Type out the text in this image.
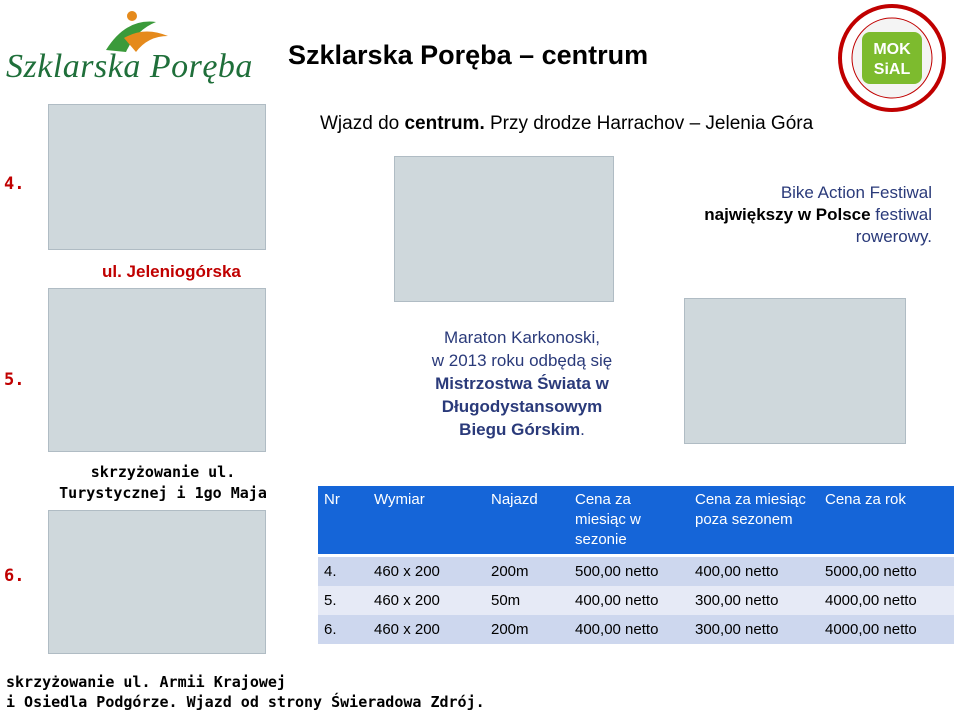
Szklarska Poręba Szklarska Poręba – centrum	MOK
SiAL
Wjazd do centrum. Przy drodze Harrachov – Jelenia Góra
4.
ul. Jeleniogórska
Bike Action Festiwal
największy w Polsce festiwal
rowerowy.
5.
Maraton Karkonoski,
w 2013 roku odbędą się
Mistrzostwa Świata w
Długodystansowym
Biegu Górskim.
skrzyżowanie ul. Turystycznej i 1go Maja
6.
Nr	Wymiar	Najazd	Cena za miesiąc w sezonie	Cena za miesiąc poza sezonem	Cena za rok
4.	460 x 200	200m	500,00 netto	400,00 netto	5000,00 netto
5.	460 x 200	50m	400,00 netto	300,00 netto	4000,00 netto
6.	460 x 200	200m	400,00 netto	300,00 netto	4000,00 netto
skrzyżowanie ul. Armii Krajowej
i Osiedla Podgórze. Wjazd od strony Świeradowa Zdrój.
